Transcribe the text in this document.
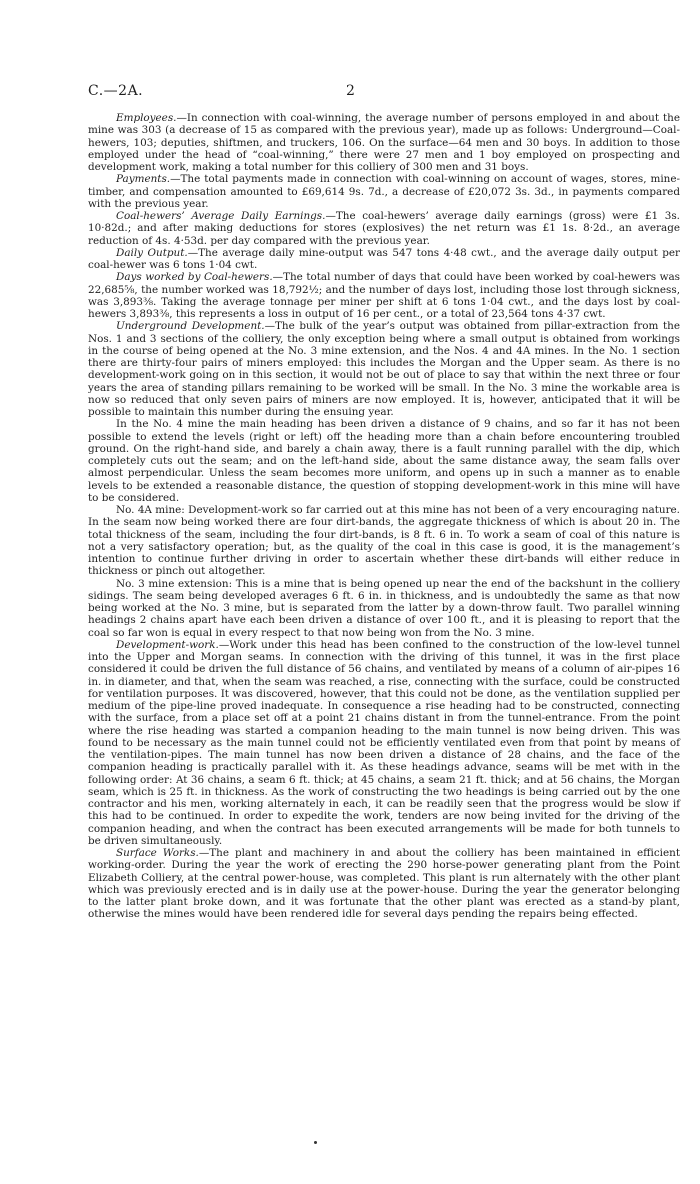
C.—2A.	2

Employees.—In connection with coal-winning, the average number of persons employed in and about the mine was 303 (a decrease of 15 as compared with the previous year), made up as follows: Underground—Coal-hewers, 103; deputies, shiftmen, and truckers, 106. On the surface—64 men and 30 boys. In addition to those employed under the head of “coal-winning,” there were 27 men and 1 boy employed on prospecting and development work, making a total number for this colliery of 300 men and 31 boys.

Payments.—The total payments made in connection with coal-winning on account of wages, stores, mine-timber, and compensation amounted to £69,614 9s. 7d., a decrease of £20,072 3s. 3d., in payments compared with the previous year.

Coal-hewers’ Average Daily Earnings.—The coal-hewers’ average daily earnings (gross) were £1 3s. 10·82d.; and after making deductions for stores (explosives) the net return was £1 1s. 8·2d., an average reduction of 4s. 4·53d. per day compared with the previous year.

Daily Output.—The average daily mine-output was 547 tons 4·48 cwt., and the average daily output per coal-hewer was 6 tons 1·04 cwt.

Days worked by Coal-hewers.—The total number of days that could have been worked by coal-hewers was 22,685⅝, the number worked was 18,792½; and the number of days lost, including those lost through sickness, was 3,893⅜. Taking the average tonnage per miner per shift at 6 tons 1·04 cwt., and the days lost by coal-hewers 3,893⅜, this represents a loss in output of 16 per cent., or a total of 23,564 tons 4·37 cwt.

Underground Development.—The bulk of the year’s output was obtained from pillar-extraction from the Nos. 1 and 3 sections of the colliery, the only exception being where a small output is obtained from workings in the course of being opened at the No. 3 mine extension, and the Nos. 4 and 4A mines. In the No. 1 section there are thirty-four pairs of miners employed: this includes the Morgan and the Upper seam. As there is no development-work going on in this section, it would not be out of place to say that within the next three or four years the area of standing pillars remaining to be worked will be small. In the No. 3 mine the workable area is now so reduced that only seven pairs of miners are now employed. It is, however, anticipated that it will be possible to maintain this number during the ensuing year.

In the No. 4 mine the main heading has been driven a distance of 9 chains, and so far it has not been possible to extend the levels (right or left) off the heading more than a chain before encountering troubled ground. On the right-hand side, and barely a chain away, there is a fault running parallel with the dip, which completely cuts out the seam; and on the left-hand side, about the same distance away, the seam falls over almost perpendicular. Unless the seam becomes more uniform, and opens up in such a manner as to enable levels to be extended a reasonable distance, the question of stopping development-work in this mine will have to be considered.

No. 4A mine: Development-work so far carried out at this mine has not been of a very encouraging nature. In the seam now being worked there are four dirt-bands, the aggregate thickness of which is about 20 in. The total thickness of the seam, including the four dirt-bands, is 8 ft. 6 in. To work a seam of coal of this nature is not a very satisfactory operation; but, as the quality of the coal in this case is good, it is the management’s intention to continue further driving in order to ascertain whether these dirt-bands will either reduce in thickness or pinch out altogether.

No. 3 mine extension: This is a mine that is being opened up near the end of the backshunt in the colliery sidings. The seam being developed averages 6 ft. 6 in. in thickness, and is undoubtedly the same as that now being worked at the No. 3 mine, but is separated from the latter by a down-throw fault. Two parallel winning headings 2 chains apart have each been driven a distance of over 100 ft., and it is pleasing to report that the coal so far won is equal in every respect to that now being won from the No. 3 mine.

Development-work.—Work under this head has been confined to the construction of the low-level tunnel into the Upper and Morgan seams. In connection with the driving of this tunnel, it was in the first place considered it could be driven the full distance of 56 chains, and ventilated by means of a column of air-pipes 16 in. in diameter, and that, when the seam was reached, a rise, connecting with the surface, could be constructed for ventilation purposes. It was discovered, however, that this could not be done, as the ventilation supplied per medium of the pipe-line proved inadequate. In consequence a rise heading had to be constructed, connecting with the surface, from a place set off at a point 21 chains distant in from the tunnel-entrance. From the point where the rise heading was started a companion heading to the main tunnel is now being driven. This was found to be necessary as the main tunnel could not be efficiently ventilated even from that point by means of the ventilation-pipes. The main tunnel has now been driven a distance of 28 chains, and the face of the companion heading is practically parallel with it. As these headings advance, seams will be met with in the following order: At 36 chains, a seam 6 ft. thick; at 45 chains, a seam 21 ft. thick; and at 56 chains, the Morgan seam, which is 25 ft. in thickness. As the work of constructing the two headings is being carried out by the one contractor and his men, working alternately in each, it can be readily seen that the progress would be slow if this had to be continued. In order to expedite the work, tenders are now being invited for the driving of the companion heading, and when the contract has been executed arrangements will be made for both tunnels to be driven simultaneously.

Surface Works.—The plant and machinery in and about the colliery has been maintained in efficient working-order. During the year the work of erecting the 290 horse-power generating plant from the Point Elizabeth Colliery, at the central power-house, was completed. This plant is run alternately with the other plant which was previously erected and is in daily use at the power-house. During the year the generator belonging to the latter plant broke down, and it was fortunate that the other plant was erected as a stand-by plant, otherwise the mines would have been rendered idle for several days pending the repairs being effected.
